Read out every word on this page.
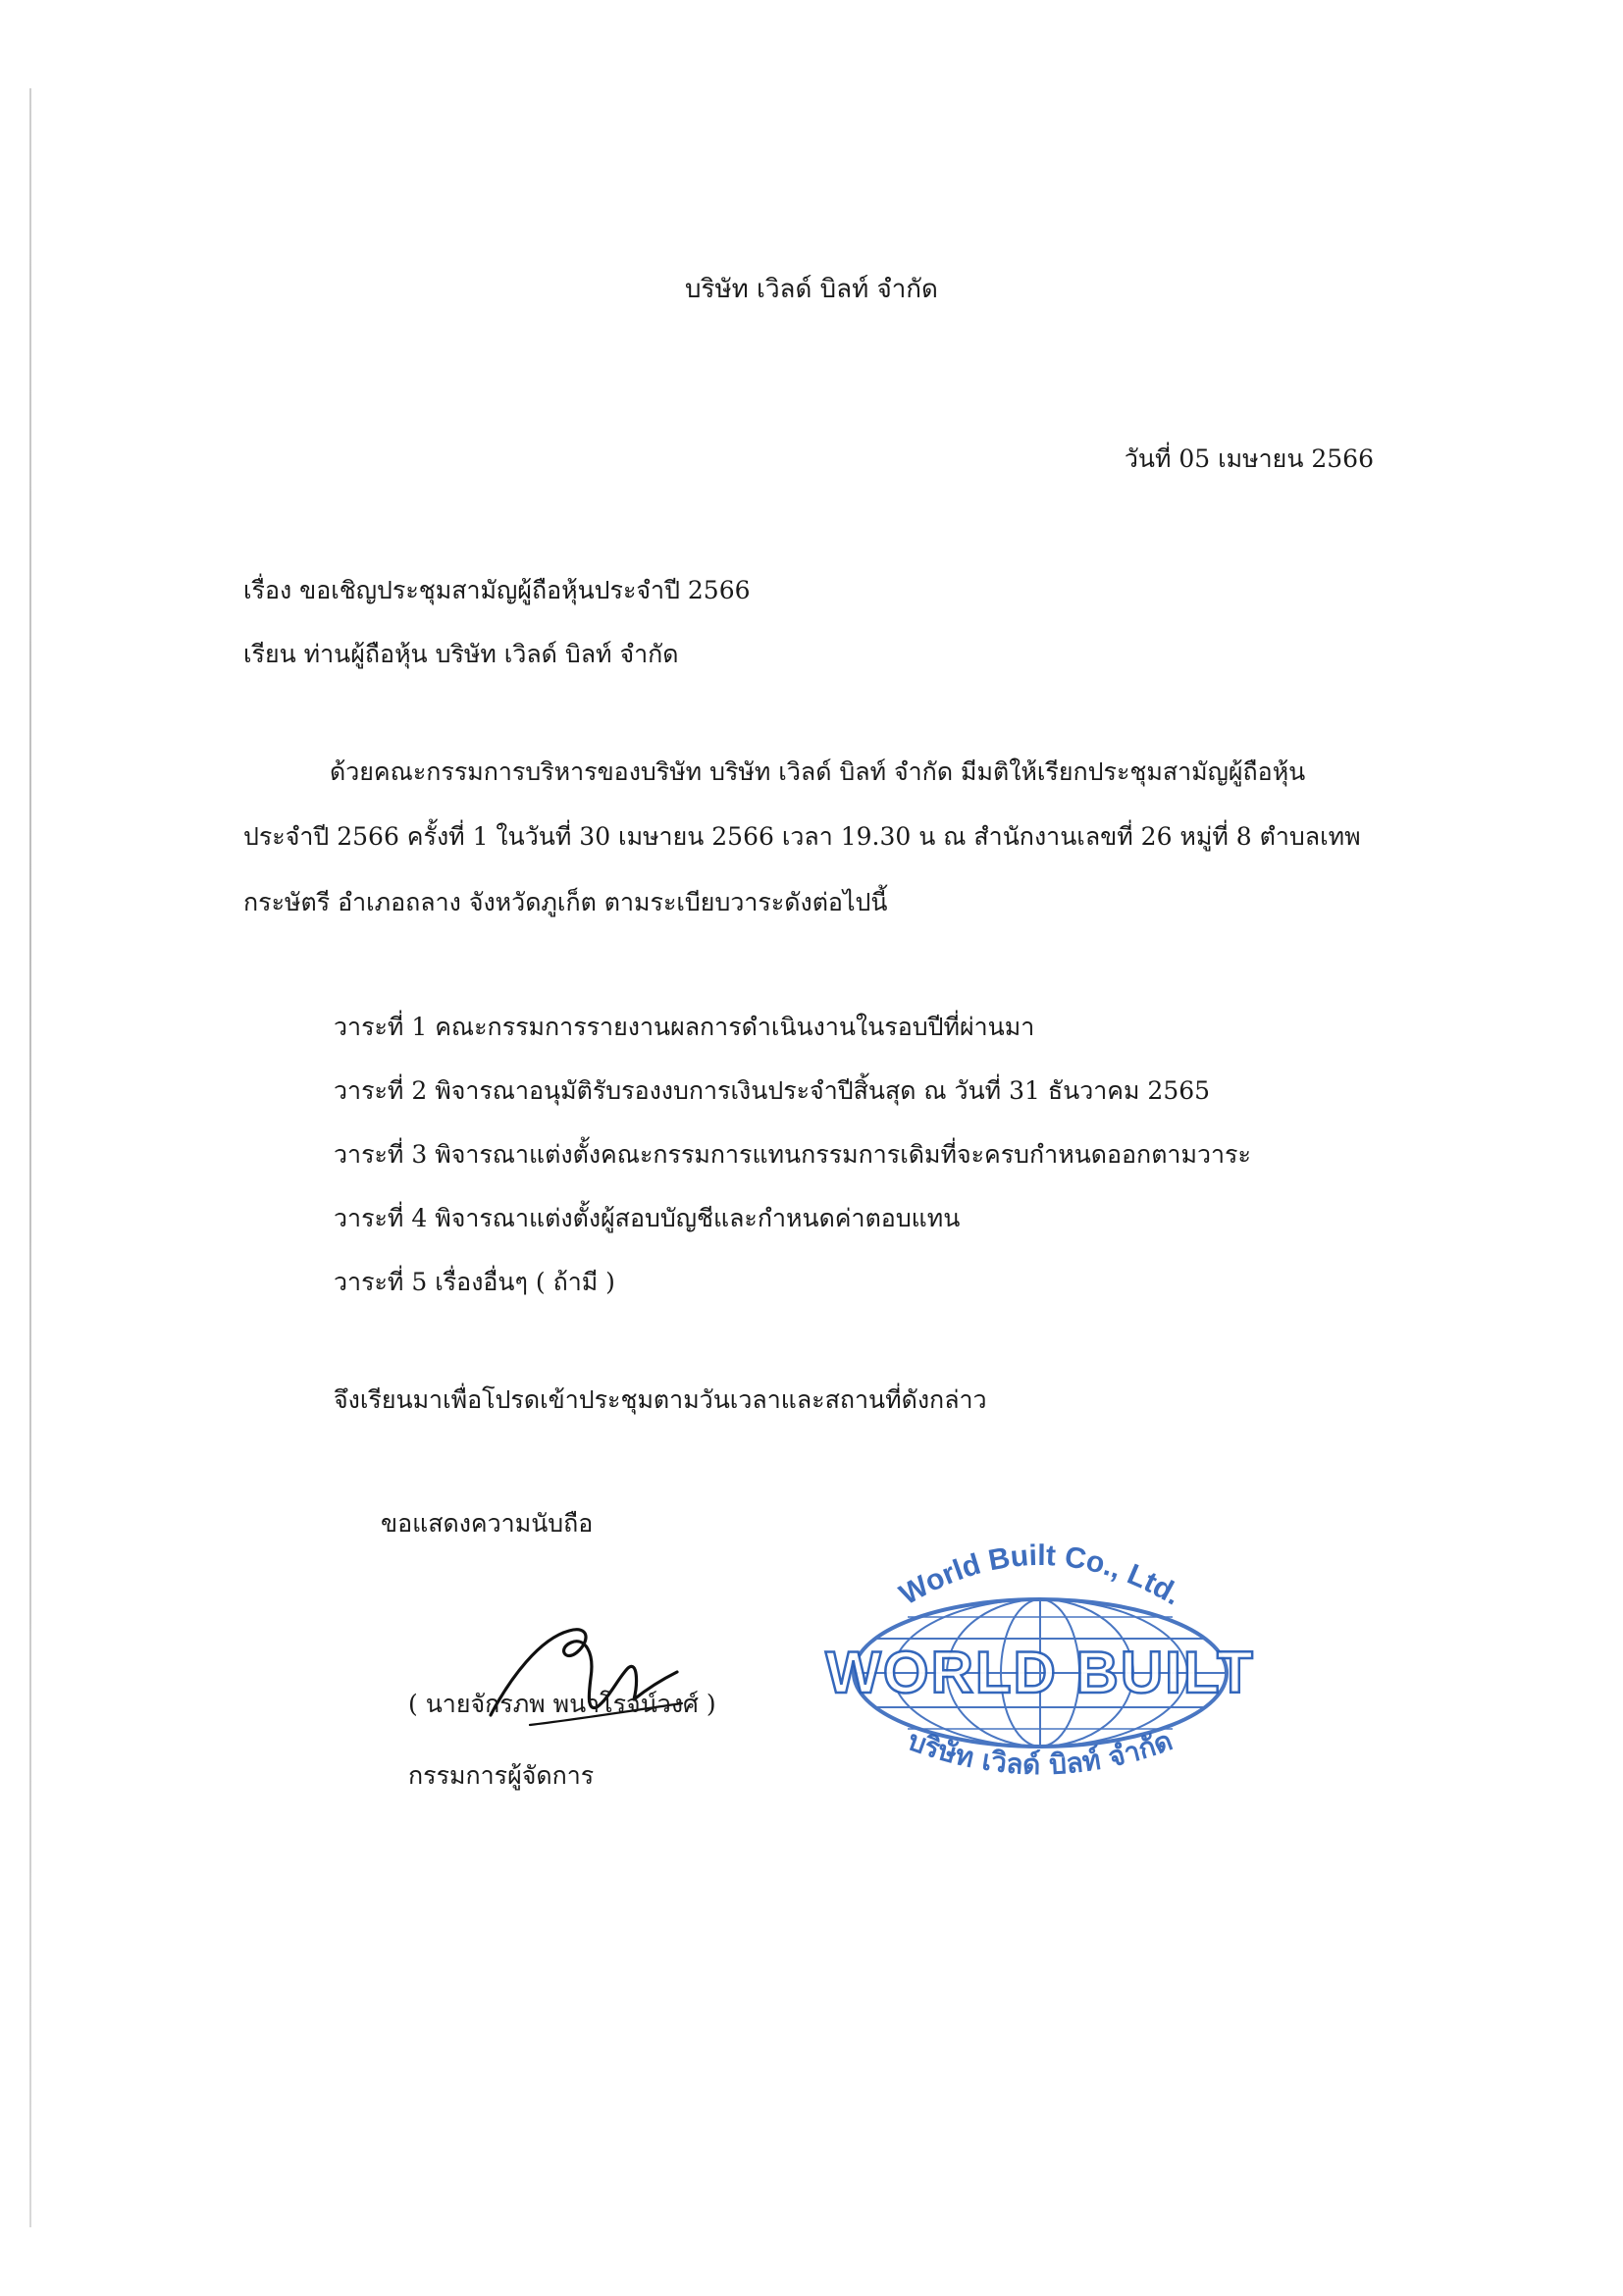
บริษัท เวิลด์ บิลท์ จำกัด
วันที่ 05 เมษายน 2566
เรื่อง ขอเชิญประชุมสามัญผู้ถือหุ้นประจำปี 2566
เรียน ท่านผู้ถือหุ้น บริษัท เวิลด์ บิลท์ จำกัด
ด้วยคณะกรรมการบริหารของบริษัท บริษัท เวิลด์ บิลท์ จำกัด มีมติให้เรียกประชุมสามัญผู้ถือหุ้น
ประจำปี 2566 ครั้งที่ 1 ในวันที่ 30 เมษายน 2566 เวลา 19.30 น ณ สำนักงานเลขที่ 26 หมู่ที่ 8 ตำบลเทพ
กระษัตรี อำเภอถลาง จังหวัดภูเก็ต ตามระเบียบวาระดังต่อไปนี้
วาระที่ 1 คณะกรรมการรายงานผลการดำเนินงานในรอบปีที่ผ่านมา
วาระที่ 2 พิจารณาอนุมัติรับรองงบการเงินประจำปีสิ้นสุด ณ วันที่ 31 ธันวาคม 2565
วาระที่ 3 พิจารณาแต่งตั้งคณะกรรมการแทนกรรมการเดิมที่จะครบกำหนดออกตามวาระ
วาระที่ 4 พิจารณาแต่งตั้งผู้สอบบัญชีและกำหนดค่าตอบแทน
วาระที่ 5 เรื่องอื่นๆ ( ถ้ามี )
จึงเรียนมาเพื่อโปรดเข้าประชุมตามวันเวลาและสถานที่ดังกล่าว
ขอแสดงความนับถือ
( นายจักรภพ พนาโรจน์วงศ์ )
กรรมการผู้จัดการ
World Built Co., Ltd.
WORLD BUILT
บริษัท เวิลด์ บิลท์ จำกัด
